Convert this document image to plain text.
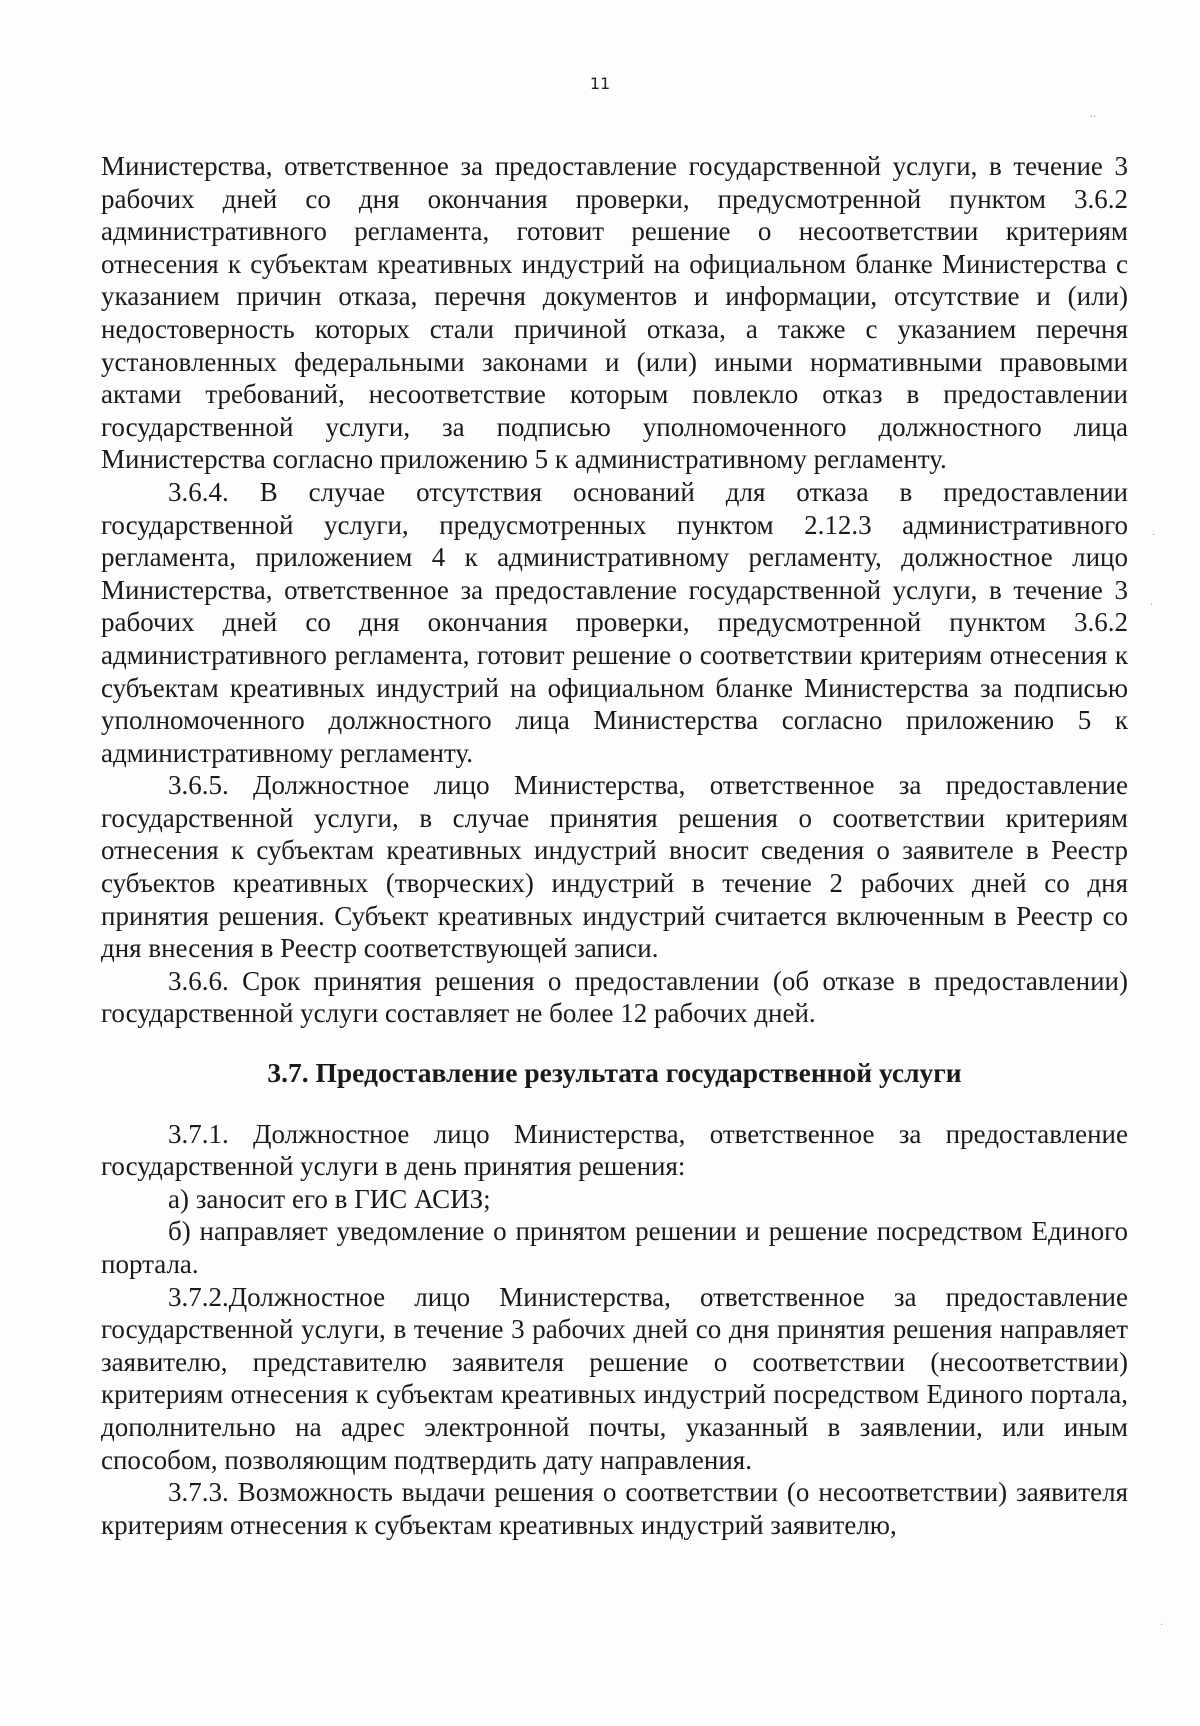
11

Министерства, ответственное за предоставление государственной услуги, в течение 3 рабочих дней со дня окончания проверки, предусмотренной пунктом 3.6.2 административного регламента, готовит решение о несоответствии критериям отнесения к субъектам креативных индустрий на официальном бланке Министерства с указанием причин отказа, перечня документов и информации, отсутствие и (или) недостоверность которых стали причиной отказа, а также с указанием перечня установленных федеральными законами и (или) иными нормативными правовыми актами требований, несоответствие которым повлекло отказ в предоставлении государственной услуги, за подписью уполномоченного должностного лица Министерства согласно приложению 5 к административному регламенту.

3.6.4. В случае отсутствия оснований для отказа в предоставлении государственной услуги, предусмотренных пунктом 2.12.3 административного регламента, приложением 4 к административному регламенту, должностное лицо Министерства, ответственное за предоставление государственной услуги, в течение 3 рабочих дней со дня окончания проверки, предусмотренной пунктом 3.6.2 административного регламента, готовит решение о соответствии критериям отнесения к субъектам креативных индустрий на официальном бланке Министерства за подписью уполномоченного должностного лица Министерства согласно приложению 5 к административному регламенту.

3.6.5. Должностное лицо Министерства, ответственное за предоставление государственной услуги, в случае принятия решения о соответствии критериям отнесения к субъектам креативных индустрий вносит сведения о заявителе в Реестр субъектов креативных (творческих) индустрий в течение 2 рабочих дней со дня принятия решения. Субъект креативных индустрий считается включенным в Реестр со дня внесения в Реестр соответствующей записи.

3.6.6. Срок принятия решения о предоставлении (об отказе в предоставлении) государственной услуги составляет не более 12 рабочих дней.

3.7. Предоставление результата государственной услуги

3.7.1. Должностное лицо Министерства, ответственное за предоставление государственной услуги в день принятия решения:

а) заносит его в ГИС АСИЗ;

б) направляет уведомление о принятом решении и решение посредством Единого портала.

3.7.2.Должностное лицо Министерства, ответственное за предоставление государственной услуги, в течение 3 рабочих дней со дня принятия решения направляет заявителю, представителю заявителя решение о соответствии (несоответствии) критериям отнесения к субъектам креативных индустрий посредством Единого портала, дополнительно на адрес электронной почты, указанный в заявлении, или иным способом, позволяющим подтвердить дату направления.

3.7.3. Возможность выдачи решения о соответствии (о несоответствии) заявителя критериям отнесения к субъектам креативных индустрий заявителю,

··
·
·
·
